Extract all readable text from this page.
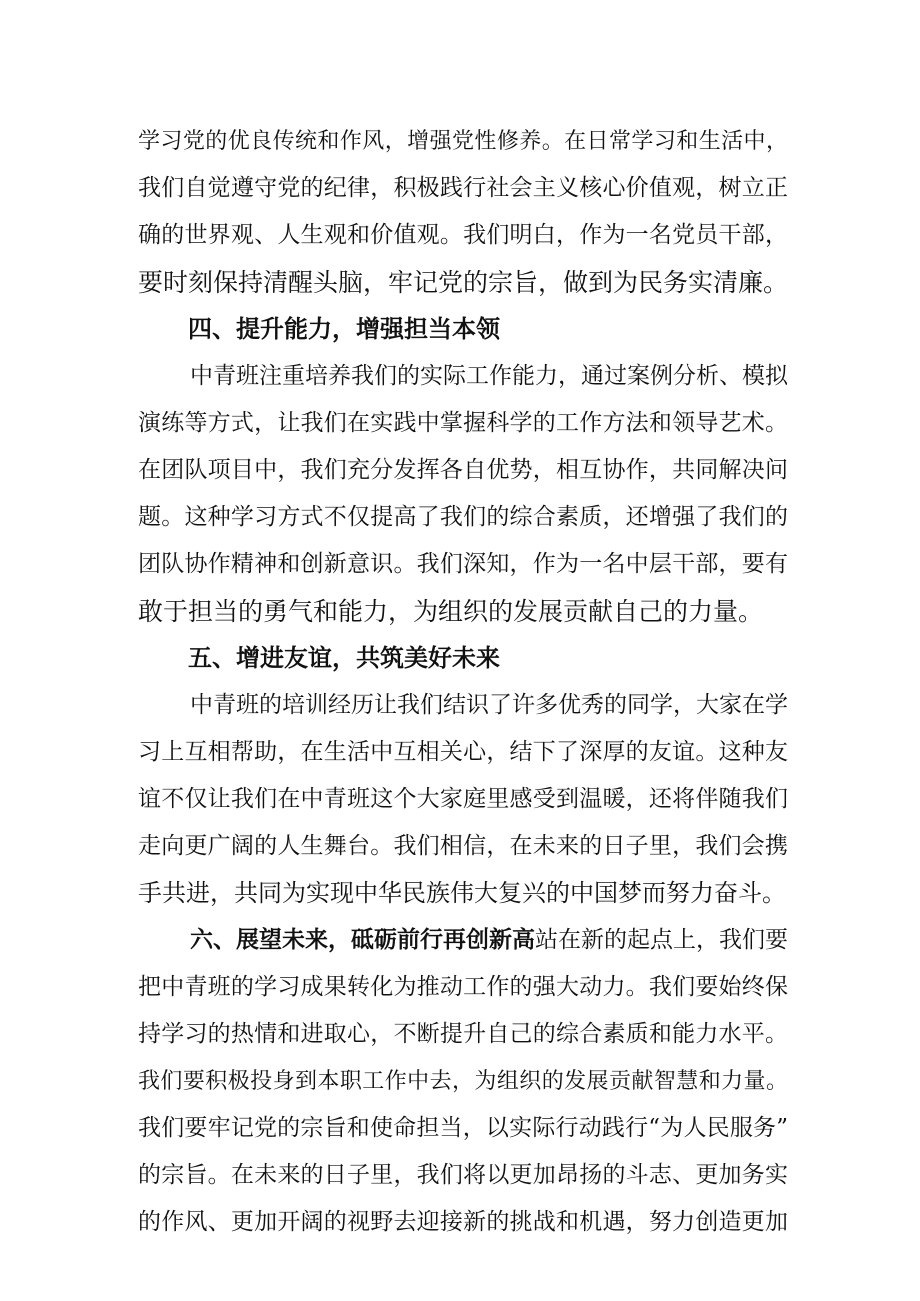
学习党的优良传统和作风，增强党性修养。在日常学习和生活中，
我们自觉遵守党的纪律，积极践行社会主义核心价值观，树立正
确的世界观、人生观和价值观。我们明白，作为一名党员干部，
要时刻保持清醒头脑，牢记党的宗旨，做到为民务实清廉。
四、提升能力，增强担当本领
中青班注重培养我们的实际工作能力，通过案例分析、模拟
演练等方式，让我们在实践中掌握科学的工作方法和领导艺术。
在团队项目中，我们充分发挥各自优势，相互协作，共同解决问
题。这种学习方式不仅提高了我们的综合素质，还增强了我们的
团队协作精神和创新意识。我们深知，作为一名中层干部，要有
敢于担当的勇气和能力，为组织的发展贡献自己的力量。
五、增进友谊，共筑美好未来
中青班的培训经历让我们结识了许多优秀的同学，大家在学
习上互相帮助，在生活中互相关心，结下了深厚的友谊。这种友
谊不仅让我们在中青班这个大家庭里感受到温暖，还将伴随我们
走向更广阔的人生舞台。我们相信，在未来的日子里，我们会携
手共进，共同为实现中华民族伟大复兴的中国梦而努力奋斗。
六、展望未来，砥砺前行再创新高站在新的起点上，我们要
把中青班的学习成果转化为推动工作的强大动力。我们要始终保
持学习的热情和进取心，不断提升自己的综合素质和能力水平。
我们要积极投身到本职工作中去，为组织的发展贡献智慧和力量。
我们要牢记党的宗旨和使命担当，以实际行动践行“为人民服务”
的宗旨。在未来的日子里，我们将以更加昂扬的斗志、更加务实
的作风、更加开阔的视野去迎接新的挑战和机遇，努力创造更加
